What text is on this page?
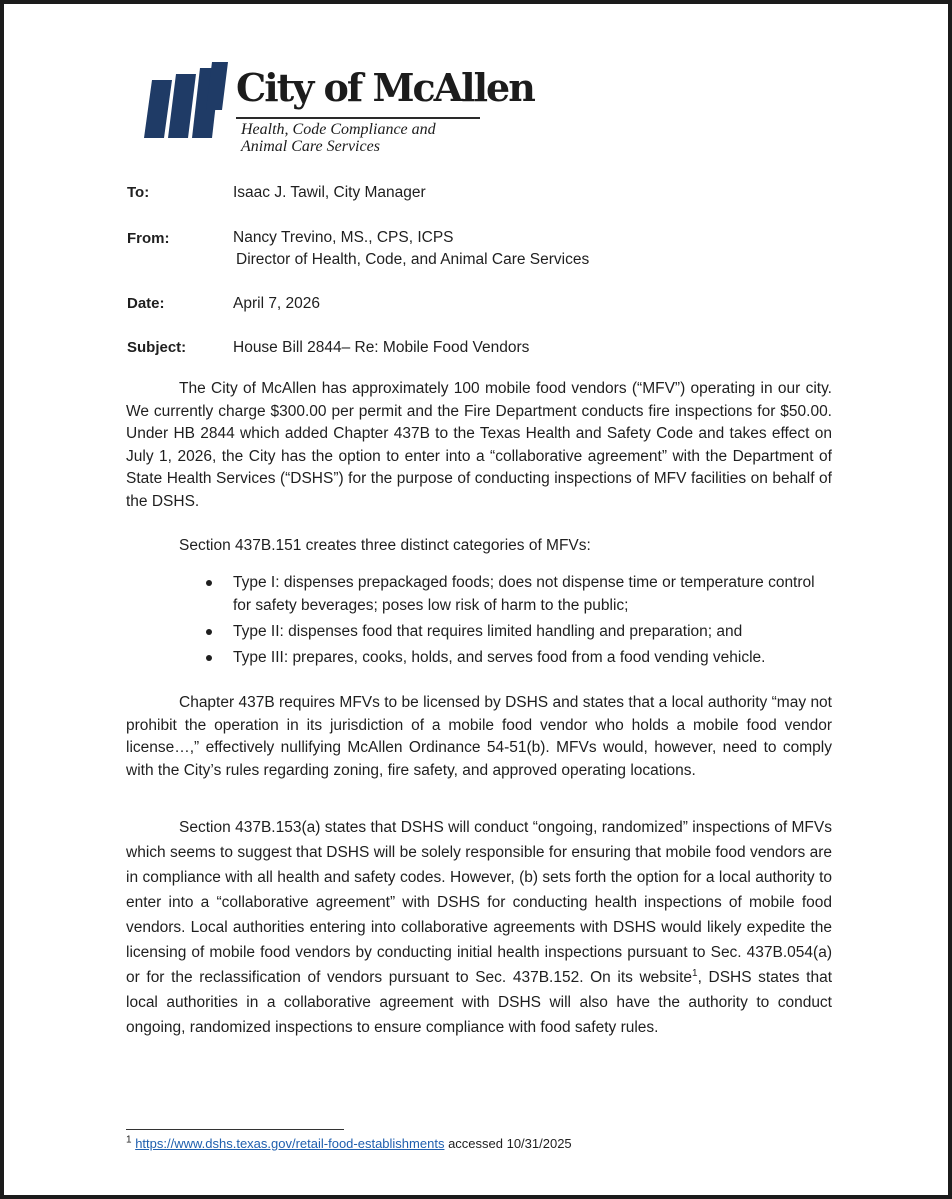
City of McAllen
Health, Code Compliance and
Animal Care Services
To:	Isaac J. Tawil, City Manager
From:	Nancy Trevino, MS., CPS, ICPS
Director of Health, Code, and Animal Care Services
Date:	April 7, 2026
Subject:	House Bill 2844– Re: Mobile Food Vendors
The City of McAllen has approximately 100 mobile food vendors (“MFV”) operating in our city. We currently charge $300.00 per permit and the Fire Department conducts fire inspections for $50.00. Under HB 2844 which added Chapter 437B to the Texas Health and Safety Code and takes effect on July 1, 2026, the City has the option to enter into a “collaborative agreement” with the Department of State Health Services (“DSHS”) for the purpose of conducting inspections of MFV facilities on behalf of the DSHS.
Section 437B.151 creates three distinct categories of MFVs:
Type I: dispenses prepackaged foods; does not dispense time or temperature control for safety beverages; poses low risk of harm to the public;
Type II: dispenses food that requires limited handling and preparation; and
Type III: prepares, cooks, holds, and serves food from a food vending vehicle.
Chapter 437B requires MFVs to be licensed by DSHS and states that a local authority “may not prohibit the operation in its jurisdiction of a mobile food vendor who holds a mobile food vendor license…,” effectively nullifying McAllen Ordinance 54-51(b). MFVs would, however, need to comply with the City’s rules regarding zoning, fire safety, and approved operating locations.
Section 437B.153(a) states that DSHS will conduct “ongoing, randomized” inspections of MFVs which seems to suggest that DSHS will be solely responsible for ensuring that mobile food vendors are in compliance with all health and safety codes. However, (b) sets forth the option for a local authority to enter into a “collaborative agreement” with DSHS for conducting health inspections of mobile food vendors. Local authorities entering into collaborative agreements with DSHS would likely expedite the licensing of mobile food vendors by conducting initial health inspections pursuant to Sec. 437B.054(a) or for the reclassification of vendors pursuant to Sec. 437B.152. On its website$^1$, DSHS states that local authorities in a collaborative agreement with DSHS will also have the authority to conduct ongoing, randomized inspections to ensure compliance with food safety rules.
$^1$ https://www.dshs.texas.gov/retail-food-establishments accessed 10/31/2025
